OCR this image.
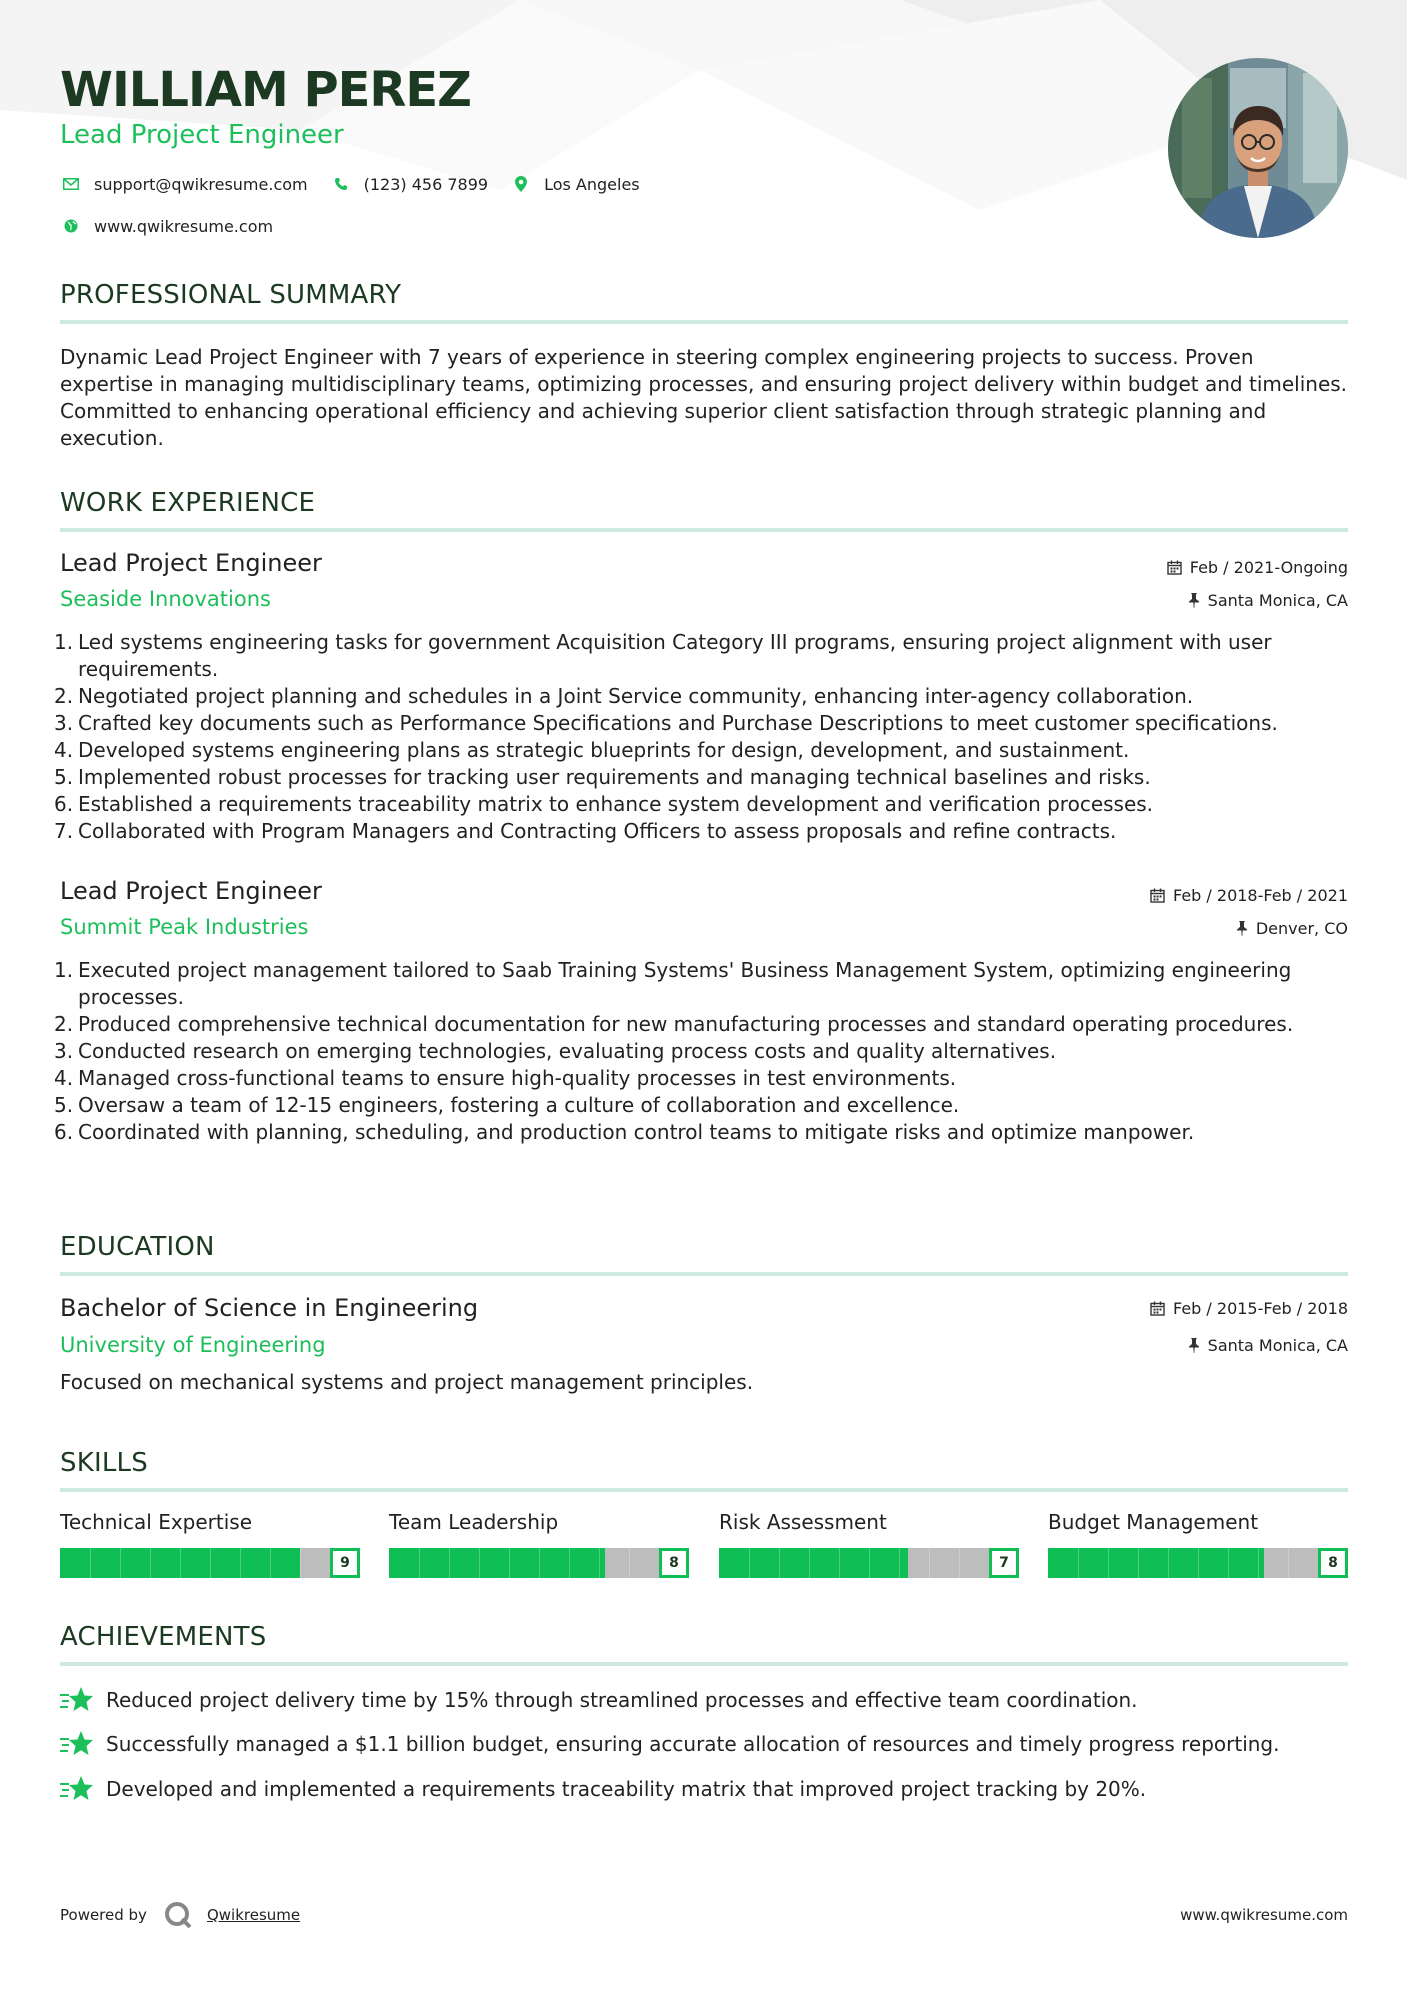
WILLIAM PEREZ
Lead Project Engineer
support@qwikresume.com	(123) 456 7899	Los Angeles
www.qwikresume.com
PROFESSIONAL SUMMARY
Dynamic Lead Project Engineer with 7 years of experience in steering complex engineering projects to success. Proven expertise in managing multidisciplinary teams, optimizing processes, and ensuring project delivery within budget and timelines. Committed to enhancing operational efficiency and achieving superior client satisfaction through strategic planning and execution.
WORK EXPERIENCE
Lead Project Engineer	Feb / 2021-Ongoing
Seaside Innovations	Santa Monica, CA
1. Led systems engineering tasks for government Acquisition Category III programs, ensuring project alignment with user requirements.
2. Negotiated project planning and schedules in a Joint Service community, enhancing inter-agency collaboration.
3. Crafted key documents such as Performance Specifications and Purchase Descriptions to meet customer specifications.
4. Developed systems engineering plans as strategic blueprints for design, development, and sustainment.
5. Implemented robust processes for tracking user requirements and managing technical baselines and risks.
6. Established a requirements traceability matrix to enhance system development and verification processes.
7. Collaborated with Program Managers and Contracting Officers to assess proposals and refine contracts.
Lead Project Engineer	Feb / 2018-Feb / 2021
Summit Peak Industries	Denver, CO
1. Executed project management tailored to Saab Training Systems' Business Management System, optimizing engineering processes.
2. Produced comprehensive technical documentation for new manufacturing processes and standard operating procedures.
3. Conducted research on emerging technologies, evaluating process costs and quality alternatives.
4. Managed cross-functional teams to ensure high-quality processes in test environments.
5. Oversaw a team of 12-15 engineers, fostering a culture of collaboration and excellence.
6. Coordinated with planning, scheduling, and production control teams to mitigate risks and optimize manpower.
EDUCATION
Bachelor of Science in Engineering	Feb / 2015-Feb / 2018
University of Engineering	Santa Monica, CA
Focused on mechanical systems and project management principles.
SKILLS
Technical Expertise
9
Team Leadership
8
Risk Assessment
7
Budget Management
8
ACHIEVEMENTS
Reduced project delivery time by 15% through streamlined processes and effective team coordination.
Successfully managed a $1.1 billion budget, ensuring accurate allocation of resources and timely progress reporting.
Developed and implemented a requirements traceability matrix that improved project tracking by 20%.
Powered by	Qwikresume	www.qwikresume.com
